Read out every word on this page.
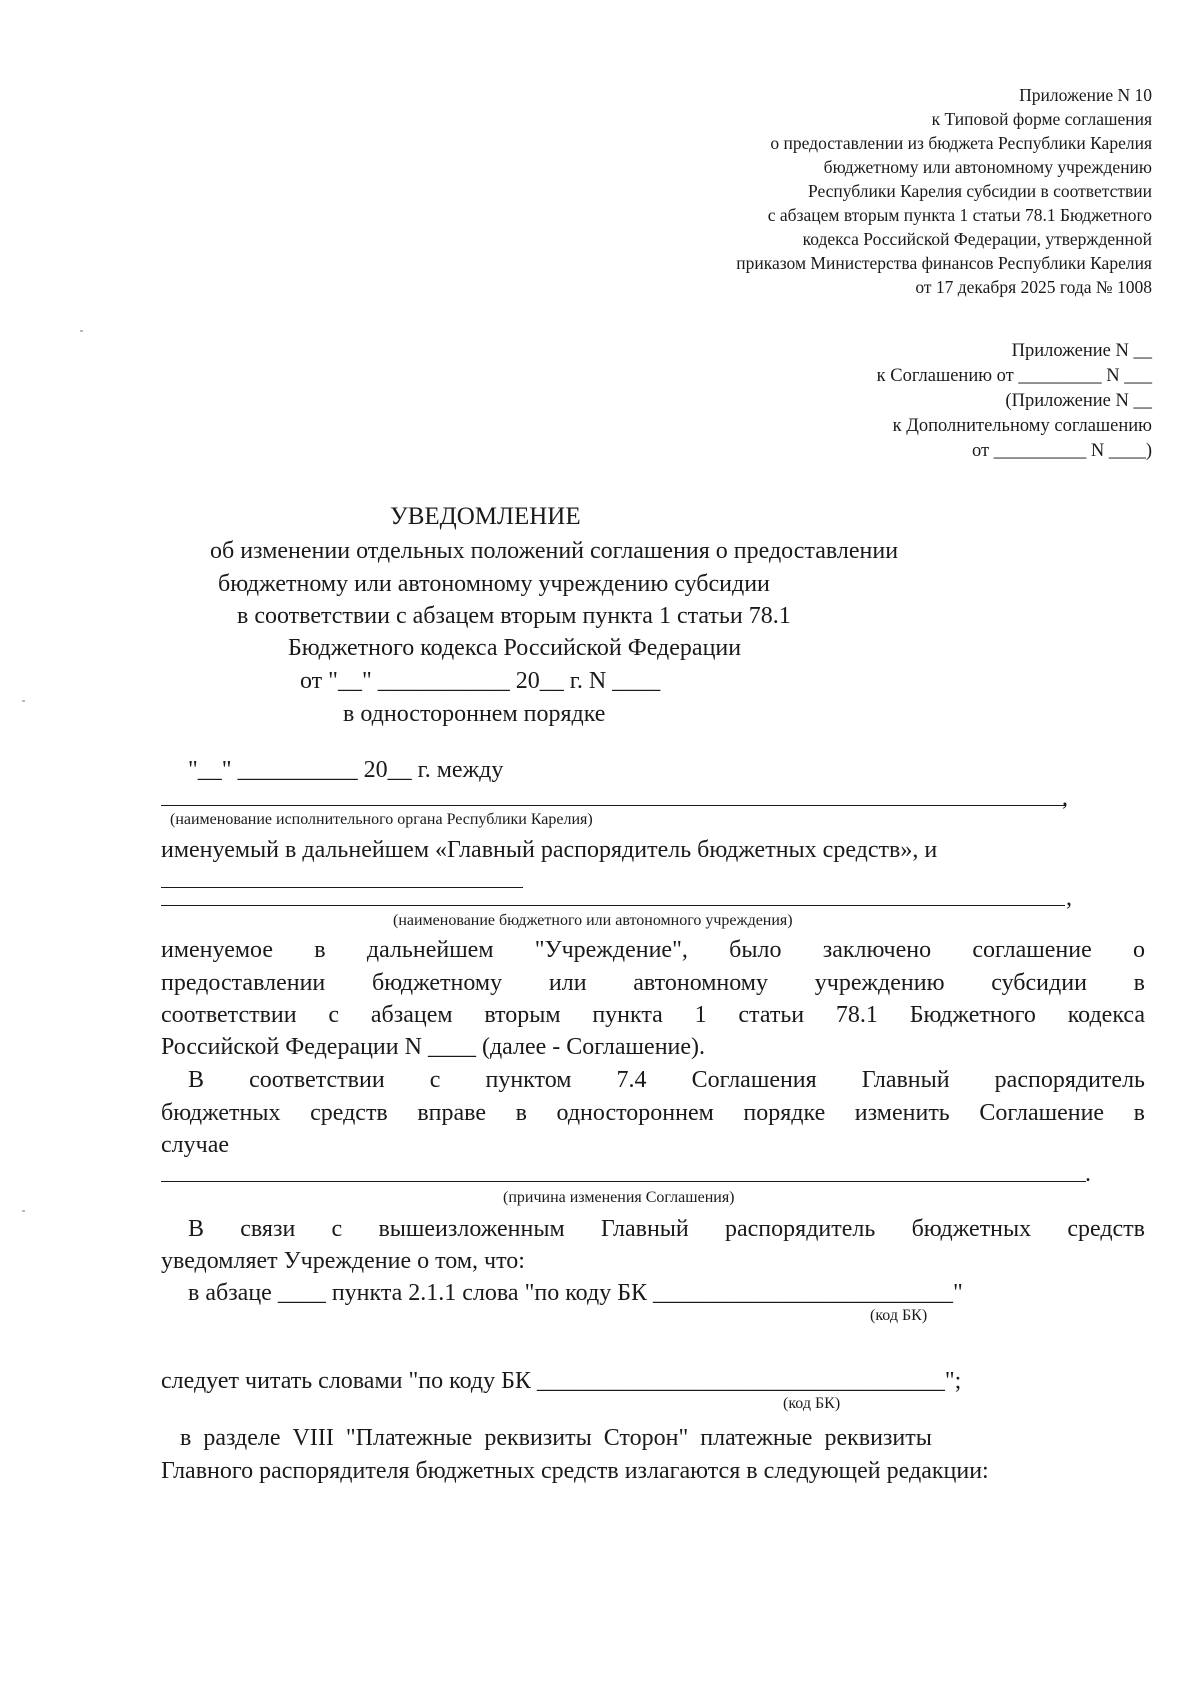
Приложение N 10
к Типовой форме соглашения
о предоставлении из бюджета Республики Карелия
бюджетному или автономному учреждению
Республики Карелия субсидии в соответствии
с абзацем вторым пункта 1 статьи 78.1 Бюджетного
кодекса Российской Федерации, утвержденной
приказом Министерства финансов Республики Карелия
от 17 декабря 2025 года № 1008
Приложение N __
к Соглашению от _________ N ___
(Приложение N __
к Дополнительному соглашению
от __________ N ____)
УВЕДОМЛЕНИЕ
об изменении отдельных положений соглашения о предоставлении
бюджетному или автономному учреждению субсидии
в соответствии с абзацем вторым пункта 1 статьи 78.1
Бюджетного кодекса Российской Федерации
от "__" ___________ 20__ г. N ____
в одностороннем порядке
"__" __________ 20__ г. между
,
(наименование исполнительного органа Республики Карелия)
именуемый в дальнейшем «Главный распорядитель бюджетных средств», и
,
(наименование бюджетного или автономного учреждения)
именуемое в дальнейшем "Учреждение", было заключено соглашение о
предоставлении бюджетному или автономному учреждению субсидии в
соответствии с абзацем вторым пункта 1 статьи 78.1 Бюджетного кодекса
Российской Федерации N ____ (далее - Соглашение).
В соответствии с пунктом 7.4 Соглашения Главный распорядитель
бюджетных средств вправе в одностороннем порядке изменить Соглашение в
случае
.
(причина изменения Соглашения)
В связи с вышеизложенным Главный распорядитель бюджетных средств
уведомляет Учреждение о том, что:
в абзаце ____ пункта 2.1.1 слова "по коду БК _________________________"
(код БК)
следует читать словами "по коду БК __________________________________";
(код БК)
в разделе VIII "Платежные реквизиты Сторон" платежные реквизиты
Главного распорядителя бюджетных средств излагаются в следующей редакции:
